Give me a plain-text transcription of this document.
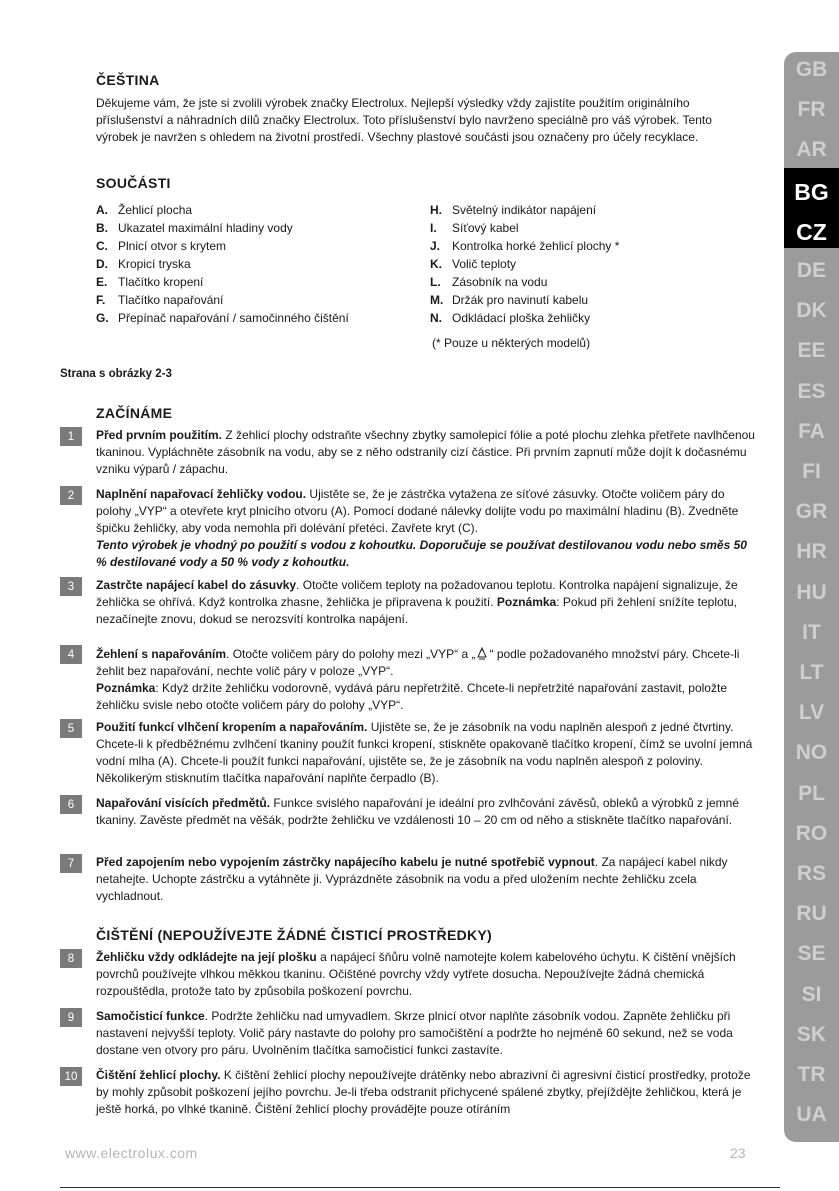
GB
FR
AR
BG
CZ
DE
DK
EE
ES
FA
FI
GR
HR
HU
IT
LT
LV
NO
PL
RO
RS
RU
SE
SI
SK
TR
UA
ČEŠTINA
Děkujeme vám, že jste si zvolili výrobek značky Electrolux. Nejlepší výsledky vždy zajistíte použitím originálního příslušenství a náhradních dílů značky Electrolux. Toto příslušenství bylo navrženo speciálně pro váš výrobek. Tento výrobek je navržen s ohledem na životní prostředí. Všechny plastové součásti jsou označeny pro účely recyklace.
SOUČÁSTI
A. Žehlicí plocha
B. Ukazatel maximální hladiny vody
C. Plnicí otvor s krytem
D. Kropicí tryska
E. Tlačítko kropení
F. Tlačítko napařování
G. Přepínač napařování / samočinného čištění
H. Světelný indikátor napájení
I. Síťový kabel
J. Kontrolka horké žehlicí plochy *
K. Volič teploty
L. Zásobník na vodu
M. Držák pro navinutí kabelu
N. Odkládací ploška žehličky
(* Pouze u některých modelů)
Strana s obrázky 2-3
ZAČÍNÁME
1	Před prvním použitím. Z žehlicí plochy odstraňte všechny zbytky samolepicí fólie a poté plochu zlehka přetřete navlhčenou tkaninou. Vypláchněte zásobník na vodu, aby se z něho odstranily cizí částice. Při prvním zapnutí může dojít k dočasnému vzniku výparů / zápachu.
2	Naplnění napařovací žehličky vodou. Ujistěte se, že je zástrčka vytažena ze síťové zásuvky. Otočte voličem páry do polohy „VYP“ a otevřete kryt plnicího otvoru (A). Pomocí dodané nálevky dolijte vodu po maximální hladinu (B). Zvedněte špičku žehličky, aby voda nemohla při dolévání přetéci. Zavřete kryt (C).
Tento výrobek je vhodný po použití s vodou z kohoutku. Doporučuje se používat destilovanou vodu nebo směs 50 % destilované vody a 50 % vody z kohoutku.
3	Zastrčte napájecí kabel do zásuvky. Otočte voličem teploty na požadovanou teplotu. Kontrolka napájení signalizuje, že žehlička se ohřívá. Když kontrolka zhasne, žehlička je připravena k použití. Poznámka: Pokud při žehlení snížíte teplotu, nezačínejte znovu, dokud se nerozsvítí kontrolka napájení.
4	Žehlení s napařováním. Otočte voličem páry do polohy mezi „VYP“ a „ “ podle požadovaného množství páry. Chcete-li žehlit bez napařování, nechte volič páry v poloze „VYP“.
Poznámka: Když držíte žehličku vodorovně, vydává páru nepřetržitě. Chcete-li nepřetržité napařování zastavit, položte žehličku svisle nebo otočte voličem páry do polohy „VYP“.
5	Použití funkcí vlhčení kropením a napařováním. Ujistěte se, že je zásobník na vodu naplněn alespoň z jedné čtvrtiny. Chcete-li k předběžnému zvlhčení tkaniny použít funkci kropení, stiskněte opakovaně tlačítko kropení, čímž se uvolní jemná vodní mlha (A). Chcete-li použít funkci napařování, ujistěte se, že je zásobník na vodu naplněn alespoň z poloviny. Několikerým stisknutím tlačítka napařování naplňte čerpadlo (B).
6	Napařování visících předmětů. Funkce svislého napařování je ideální pro zvlhčování závěsů, obleků a výrobků z jemné tkaniny. Zavěste předmět na věšák, podržte žehličku ve vzdálenosti 10 – 20 cm od něho a stiskněte tlačítko napařování.
7	Před zapojením nebo vypojením zástrčky napájecího kabelu je nutné spotřebič vypnout. Za napájecí kabel nikdy netahejte. Uchopte zástrčku a vytáhněte ji. Vyprázdněte zásobník na vodu a před uložením nechte žehličku zcela vychladnout.
ČIŠTĚNÍ (NEPOUŽÍVEJTE ŽÁDNÉ ČISTICÍ PROSTŘEDKY)
8	Žehličku vždy odkládejte na její plošku a napájecí šňůru volně namotejte kolem kabelového úchytu. K čištění vnějších povrchů používejte vlhkou měkkou tkaninu. Očištěné povrchy vždy vytřete dosucha. Nepoužívejte žádná chemická rozpouštědla, protože tato by způsobila poškození povrchu.
9	Samočisticí funkce. Podržte žehličku nad umyvadlem. Skrze plnicí otvor naplňte zásobník vodou. Zapněte žehličku při nastavení nejvyšší teploty. Volič páry nastavte do polohy pro samočištění a podržte ho nejméně 60 sekund, než se voda dostane ven otvory pro páru. Uvolněním tlačítka samočisticí funkci zastavíte.
10	Čištění žehlicí plochy. K čištění žehlicí plochy nepoužívejte drátěnky nebo abrazivní či agresivní čisticí prostředky, protože by mohly způsobit poškození jejího povrchu. Je-li třeba odstranit přichycené spálené zbytky, přejíždějte žehličkou, která je ještě horká, po vlhké tkanině. Čištění žehlicí plochy provádějte pouze otíráním
www.electrolux.com	23
